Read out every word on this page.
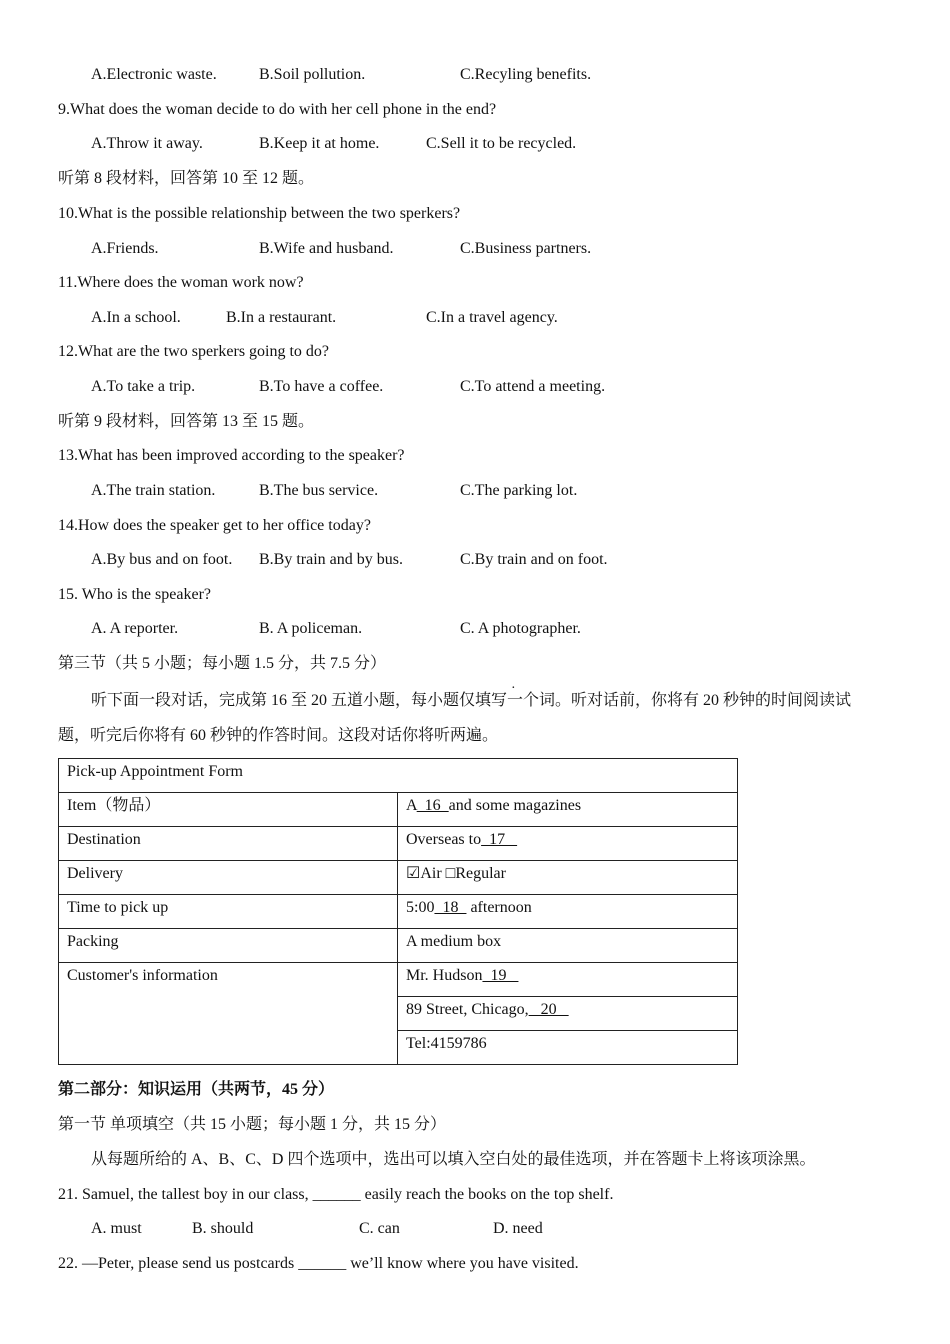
A.Electronic waste.	B.Soil pollution.	C.Recyling benefits.
9.What does the woman decide to do with her cell phone in the end?
A.Throw it away.	B.Keep it at home.	C.Sell it to be recycled.
听第 8 段材料，回答第 10 至 12 题。
10.What is the possible relationship between the two sperkers?
A.Friends.	B.Wife and husband.	C.Business partners.
11.Where does the woman work now?
A.In a school.	B.In a restaurant.	C.In a travel agency.
12.What are the two sperkers going to do?
A.To take a trip.	B.To have a coffee.	C.To attend a meeting.
听第 9 段材料，回答第 13 至 15 题。
13.What has been improved according to the speaker?
A.The train station.	B.The bus service.	C.The parking lot.
14.How does the speaker get to her office today?
A.By bus and on foot. B.By train and by bus.	C.By train and on foot.
15. Who is the speaker?
A. A reporter.	B. A policeman.	C. A photographer.
第三节（共 5 小题；每小题 1.5 分，共 7.5 分）
听下面一段对话，完成第 16 至 20 五道小题，每小题仅填写一个词。听对话前，你将有 20 秒钟的时间阅读试
题，听完后你将有 60 秒钟的作答时间。这段对话你将听两遍。
Pick-up Appointment Form	
Item（物品）	A  16  and some magazines
Destination	Overseas to  17
Delivery	☑Air □Regular
Time to pick up	5:00  18   afternoon
Packing	A medium box
Customer's information	Mr. Hudson  19
	89 Street, Chicago,   20
	Tel:4159786
第二部分：知识运用（共两节，45 分）
第一节 单项填空（共 15 小题；每小题 1 分，共 15 分）
从每题所给的 A、B、C、D 四个选项中，选出可以填入空白处的最佳选项，并在答题卡上将该项涂黑。
21. Samuel, the tallest boy in our class, ______ easily reach the books on the top shelf.
A. must	B. should	C. can	D. need
22. —Peter, please send us postcards ______ we’ll know where you have visited.
